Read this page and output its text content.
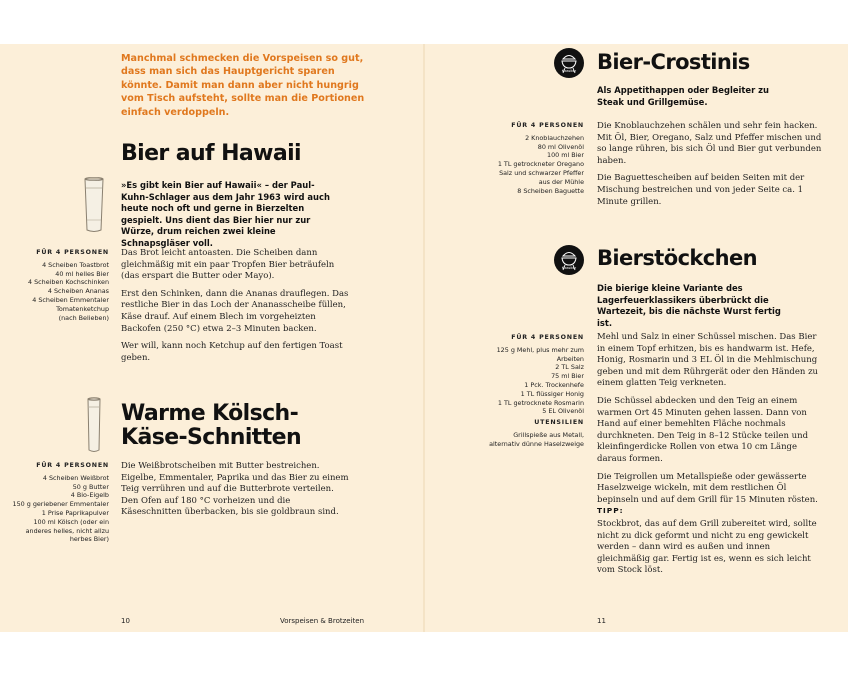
Manchmal schmecken die Vorspeisen so gut, dass man sich das Hauptgericht sparen könnte. Damit man dann aber nicht hungrig vom Tisch aufsteht, sollte man die Portionen einfach verdoppeln.
Bier auf Hawaii
»Es gibt kein Bier auf Hawaii« – der Paul-Kuhn-Schlager aus dem Jahr 1963 wird auch heute noch oft und gerne in Bierzelten gespielt. Uns dient das Bier hier nur zur Würze, drum reichen zwei kleine Schnapsgläser voll.
FÜR 4 PERSONEN
4 Scheiben Toastbrot
40 ml helles Bier
4 Scheiben Kochschinken
4 Scheiben Ananas
4 Scheiben Emmentaler
Tomatenketchup
(nach Belieben)

Das Brot leicht antoasten. Die Scheiben dann gleichmäßig mit ein paar Tropfen Bier beträufeln (das erspart die Butter oder Mayo).

Erst den Schinken, dann die Ananas drauflegen. Das restliche Bier in das Loch der Ananasscheibe füllen, Käse drauf. Auf einem Blech im vorgeheizten Backofen (250 °C) etwa 2–3 Minuten backen.

Wer will, kann noch Ketchup auf den fertigen Toast geben.

Warme Kölsch-
Käse-Schnitten
FÜR 4 PERSONEN
4 Scheiben Weißbrot
50 g Butter
4 Bio-Eigelb
150 g geriebener Emmentaler
1 Prise Paprikapulver
100 ml Kölsch (oder ein
anderes helles, nicht allzu
herbes Bier)

Die Weißbrotscheiben mit Butter bestreichen. Eigelbe, Emmentaler, Paprika und das Bier zu einem Teig verrühren und auf die Butterbrote verteilen. Den Ofen auf 180 °C vorheizen und die Käseschnitten überbacken, bis sie goldbraun sind.

10	Vorspeisen & Brotzeiten
Klassiker Bier-Crostinis
Als Appetithappen oder Begleiter zu Steak und Grillgemüse.
FÜR 4 PERSONEN
2 Knoblauchzehen
80 ml Olivenöl
100 ml Bier
1 TL getrockneter Oregano
Salz und schwarzer Pfeffer
aus der Mühle
8 Scheiben Baguette

Die Knoblauchzehen schälen und sehr fein hacken. Mit Öl, Bier, Oregano, Salz und Pfeffer mischen und so lange rühren, bis sich Öl und Bier gut verbunden haben.

Die Baguettescheiben auf beiden Seiten mit der Mischung bestreichen und von jeder Seite ca. 1 Minute grillen.

Klassiker Bierstöckchen
Die bierige kleine Variante des Lagerfeuerklassikers überbrückt die Wartezeit, bis die nächste Wurst fertig ist.
FÜR 4 PERSONEN
125 g Mehl, plus mehr zum
Arbeiten
2 TL Salz
75 ml Bier
1 Pck. Trockenhefe
1 TL flüssiger Honig
1 TL getrocknete Rosmarin
5 EL Olivenöl
UTENSILIEN
Grillspieße aus Metall,
alternativ dünne Haselzweige

Mehl und Salz in einer Schüssel mischen. Das Bier in einem Topf erhitzen, bis es handwarm ist. Hefe, Honig, Rosmarin und 3 EL Öl in die Mehlmischung geben und mit dem Rührgerät oder den Händen zu einem glatten Teig verkneten.

Die Schüssel abdecken und den Teig an einem warmen Ort 45 Minuten gehen lassen. Dann von Hand auf einer bemehlten Fläche nochmals durchkneten. Den Teig in 8–12 Stücke teilen und kleinfingerdicke Rollen von etwa 10 cm Länge daraus formen.

Die Teigrollen um Metallspieße oder gewässerte Haselzweige wickeln, mit dem restlichen Öl bepinseln und auf dem Grill für 15 Minuten rösten.

TIPP:
Stockbrot, das auf dem Grill zubereitet wird, sollte nicht zu dick geformt und nicht zu eng gewickelt werden – dann wird es außen und innen gleichmäßig gar. Fertig ist es, wenn es sich leicht vom Stock löst.
11
